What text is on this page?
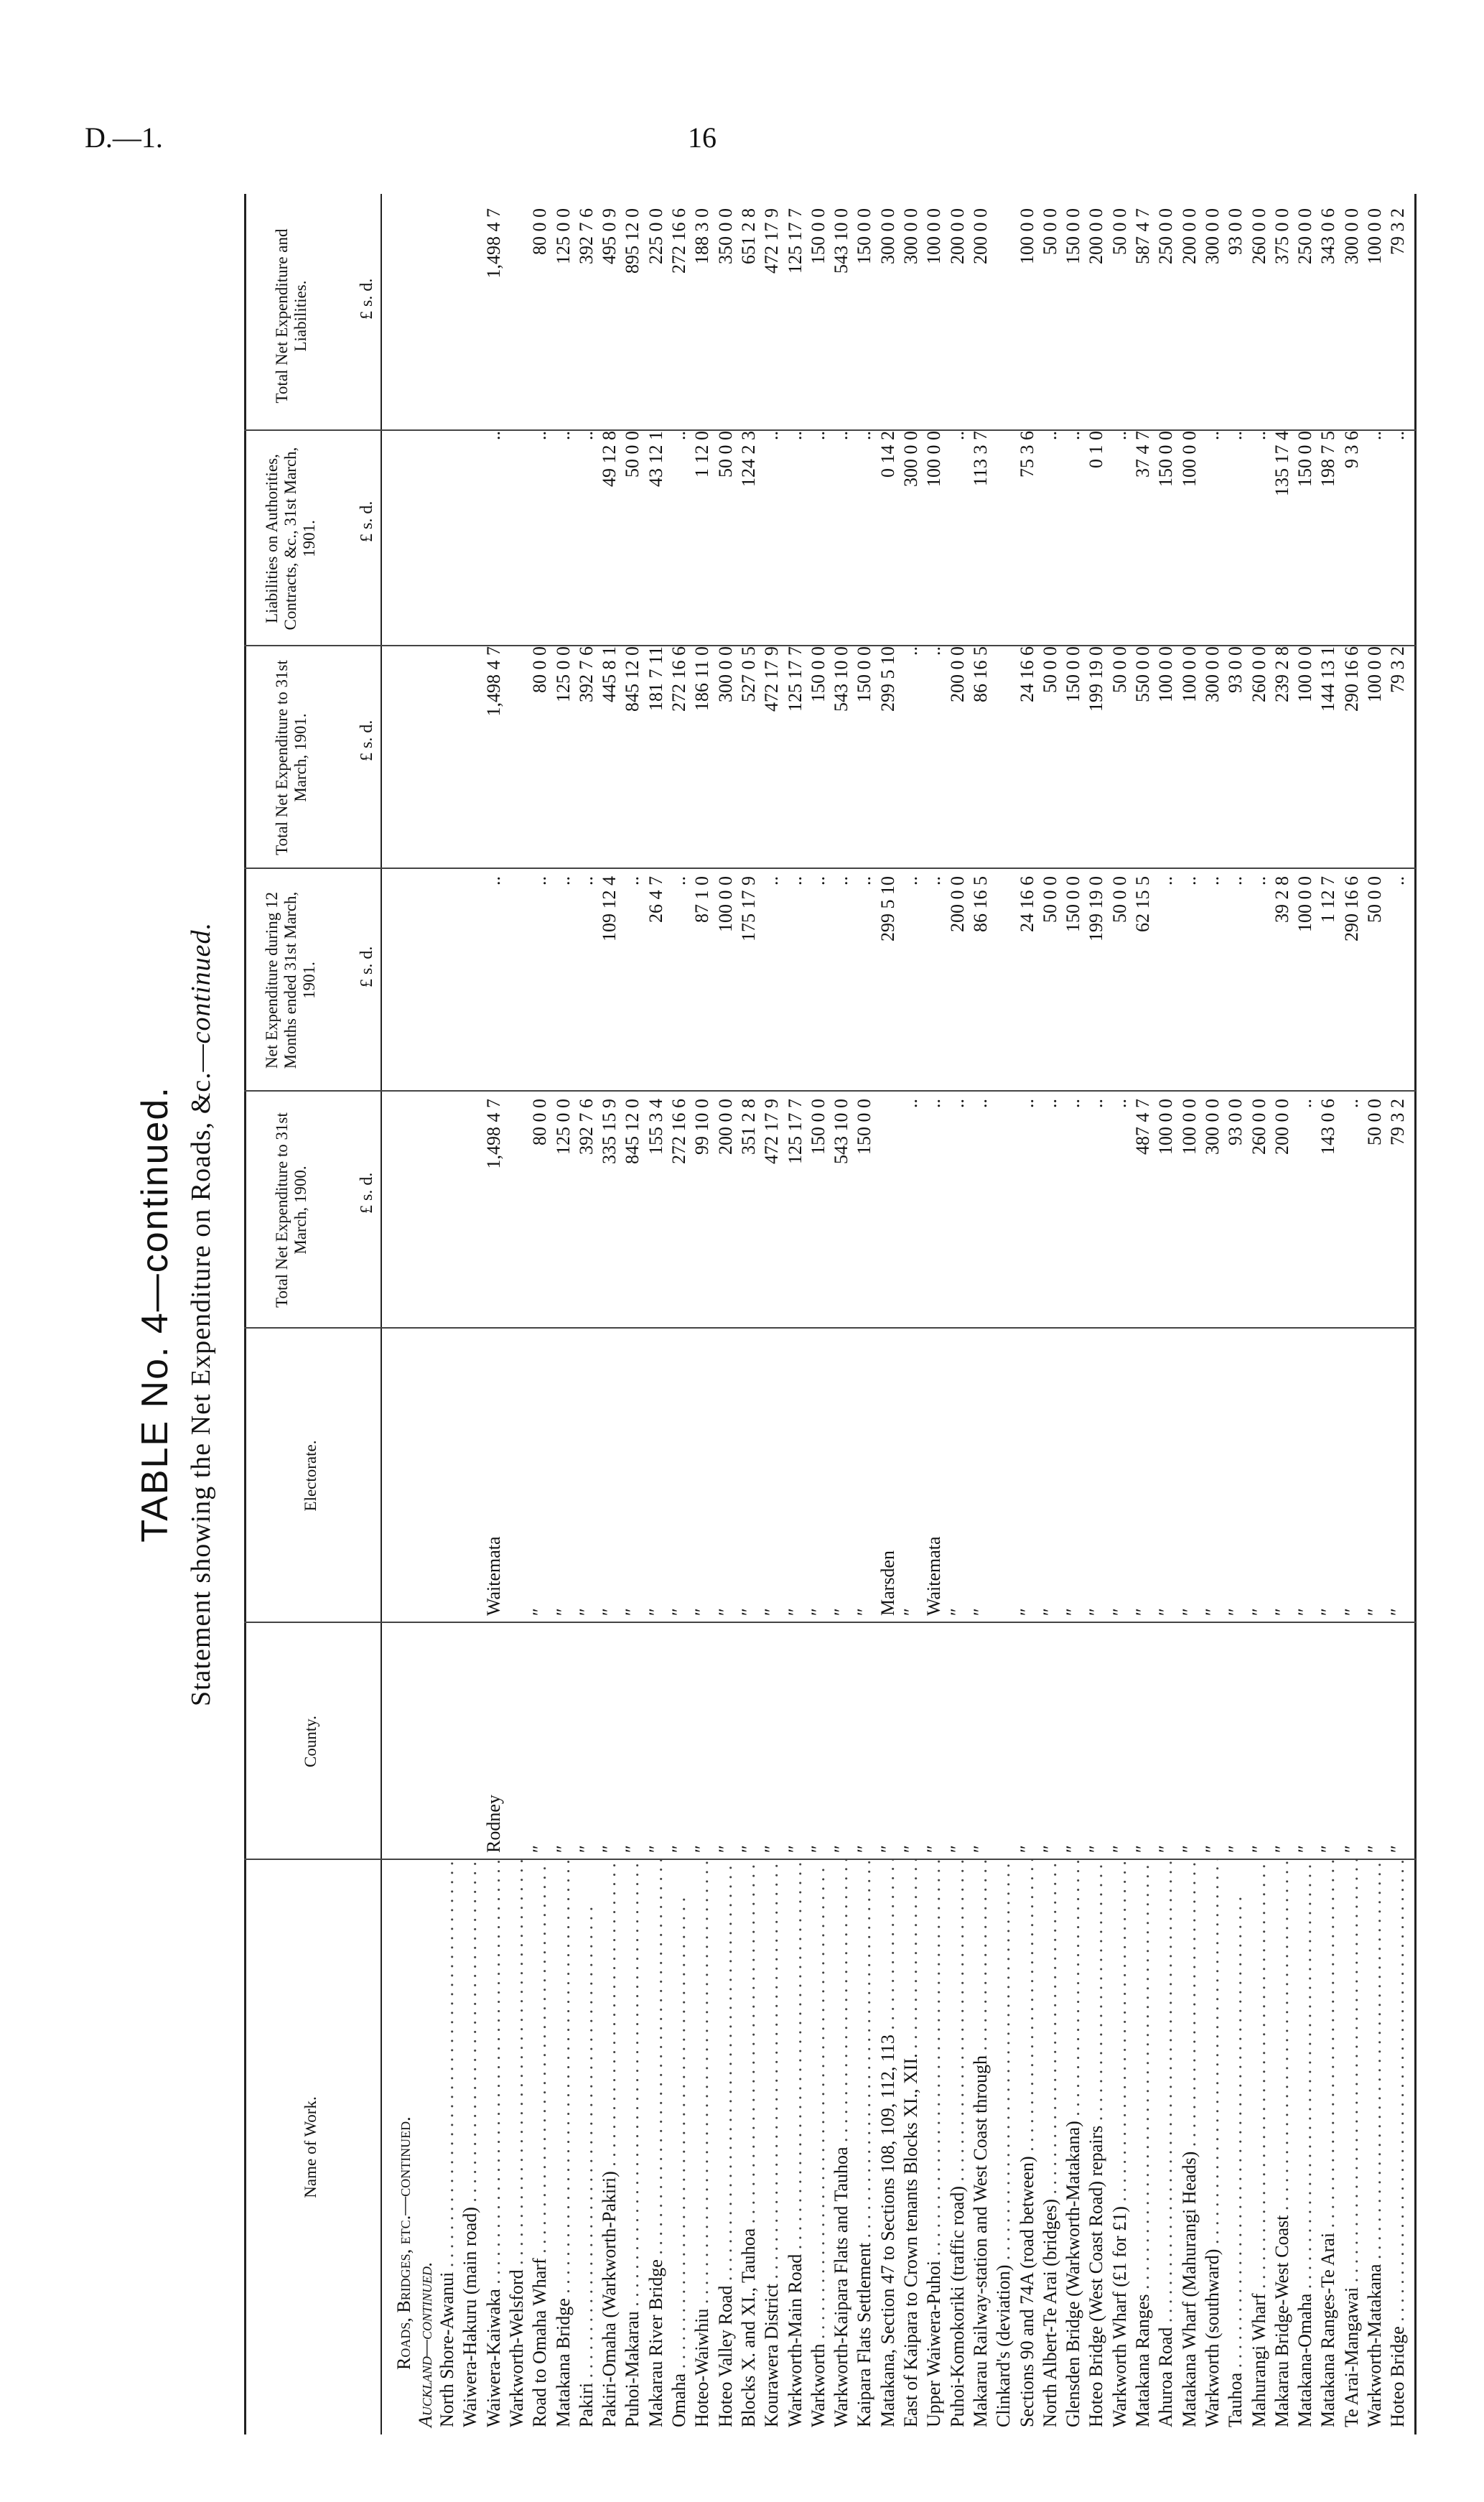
D.—1.	16
TABLE No. 4—continued. Statement showing the Net Expenditure on Roads, &c.—continued.
Name of Work.
County.
Electorate.
Total Net Expenditure to 31st March, 1900.
Net Expenditure during 12 Months ended 31st March, 1901.
Total Net Expenditure to 31st March, 1901.
Liabilities on Authorities, Contracts, &c., 31st March, 1901.
Total Net Expenditure and Liabilities.
£ s. d.
£ s. d.
£ s. d.
£ s. d.
£ s. d.
Roads, Bridges, etc.—continued. Auckland—continued. North Shore-Awanui . . . Waiwera-Hakuru (main road) . . . Waiwera-Kaiwaka . . .
Rodney
Waitemata
1,498 4 7
..
1,498 4 7
..
1,498 4 7
Warkworth-Welsford . . . Road to Omaha Wharf . . .
″
″
80 0 0
..
80 0 0
..
80 0 0
Matakana Bridge . . .
″
″
125 0 0
..
125 0 0
..
125 0 0
Pakiri . . .
″
″
392 7 6
..
392 7 6
..
392 7 6
Pakiri-Omaha (Warkworth-Pakiri) . . .
″
″
335 15 9
109 12 4
445 8 1
49 12 8
495 0 9
Puhoi-Makarau . . .
″
″
845 12 0
..
845 12 0
50 0 0
895 12 0
Makarau River Bridge . . .
″
″
155 3 4
26 4 7
181 7 11
43 12 1
225 0 0
Omaha . . .
″
″
272 16 6
..
272 16 6
..
272 16 6
Hoteo-Waiwhiu . . .
″
″
99 10 0
87 1 0
186 11 0
1 12 0
188 3 0
Hoteo Valley Road . . .
″
″
200 0 0
100 0 0
300 0 0
50 0 0
350 0 0
Blocks X. and XI., Tauhoa . . .
″
″
351 2 8
175 17 9
527 0 5
124 2 3
651 2 8
Kourawera District . . .
″
″
472 17 9
..
472 17 9
..
472 17 9
Warkworth-Main Road . . .
″
″
125 17 7
..
125 17 7
..
125 17 7
Warkworth . . .
″
″
150 0 0
..
150 0 0
..
150 0 0
Warkworth-Kaipara Flats and Tauhoa . . .
″
″
543 10 0
..
543 10 0
..
543 10 0
Kaipara Flats Settlement . . .
″
″
150 0 0
..
150 0 0
..
150 0 0
Matakana, Section 47 to Sections 108, 109, 112, 113 . . .
″
Marsden
299 5 10
299 5 10
0 14 2
300 0 0
East of Kaipara to Crown tenants Blocks XI., XII. . . .
″
″
..
..
..
300 0 0
300 0 0
Upper Waiwera-Puhoi . . .
″
Waitemata
..
..
..
100 0 0
100 0 0
Puhoi-Komokoriki (traffic road) . . .
″
″
..
200 0 0
200 0 0
..
200 0 0
Makarau Railway-station and West Coast through . . .
″
″
..
86 16 5
86 16 5
113 3 7
200 0 0
Clinkard's (deviation) . . . Sections 90 and 74A (road between) . . .
″
″
..
24 16 6
24 16 6
75 3 6
100 0 0
North Albert-Te Arai (bridges) . . .
″
″
..
50 0 0
50 0 0
..
50 0 0
Glensden Bridge (Warkworth-Matakana) . . .
″
″
..
150 0 0
150 0 0
..
150 0 0
Hoteo Bridge (West Coast Road) repairs . . .
″
″
..
199 19 0
199 19 0
0 1 0
200 0 0
Warkworth Wharf (£1 for £1) . . .
″
″
..
50 0 0
50 0 0
..
50 0 0
Matakana Ranges . . .
″
″
487 4 7
62 15 5
550 0 0
37 4 7
587 4 7
Ahuroa Road . . .
″
″
100 0 0
..
100 0 0
150 0 0
250 0 0
Matakana Wharf (Mahurangi Heads) . . .
″
″
100 0 0
..
100 0 0
100 0 0
200 0 0
Warkworth (southward) . . .
″
″
300 0 0
..
300 0 0
..
300 0 0
Tauhoa . . .
″
″
93 0 0
..
93 0 0
..
93 0 0
Mahurangi Wharf . . .
″
″
260 0 0
..
260 0 0
..
260 0 0
Makarau Bridge-West Coast . . .
″
″
200 0 0
39 2 8
239 2 8
135 17 4
375 0 0
Matakana-Omaha . . .
″
″
..
100 0 0
100 0 0
150 0 0
250 0 0
Matakana Ranges-Te Arai . . .
″
″
143 0 6
1 12 7
144 13 1
198 7 5
343 0 6
Te Arai-Mangawai . . .
″
″
..
290 16 6
290 16 6
9 3 6
300 0 0
Warkworth-Matakana . . .
″
″
50 0 0
50 0 0
100 0 0
..
100 0 0
Hoteo Bridge . . .
″
″
79 3 2
..
79 3 2
..
79 3 2
